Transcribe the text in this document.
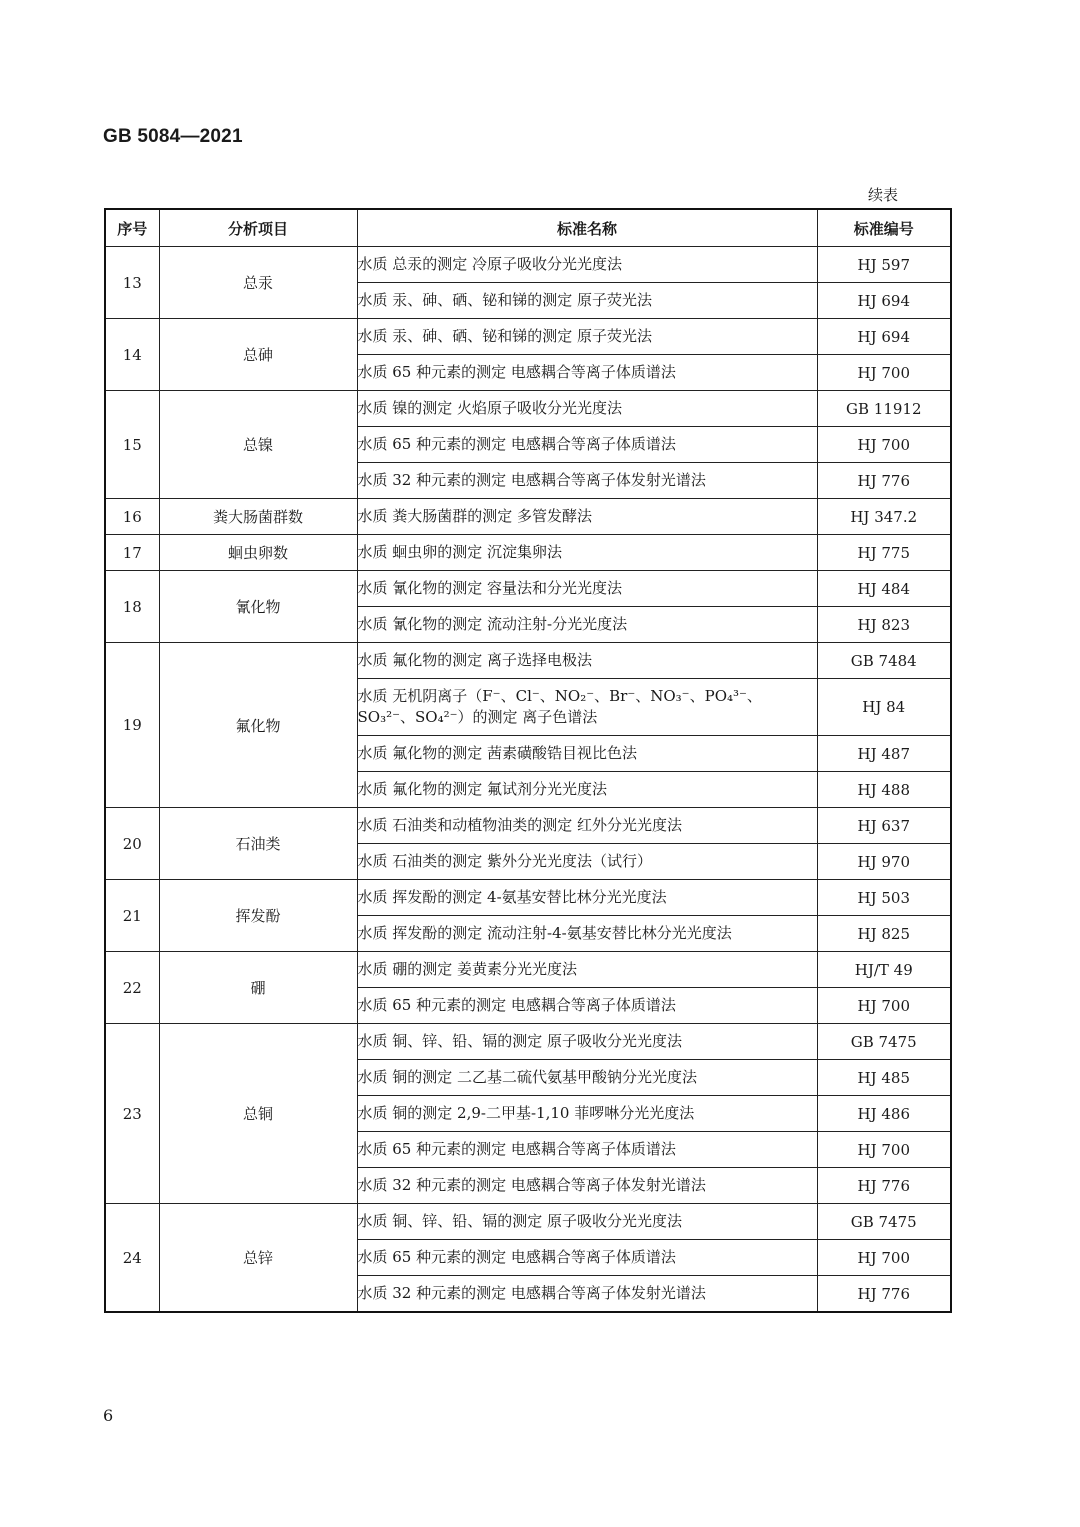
GB 5084—2021
续表
序号	分析项目	标准名称	标准编号
13	总汞	水质 总汞的测定 冷原子吸收分光光度法	HJ 597
		水质 汞、砷、硒、铋和锑的测定 原子荧光法	HJ 694
14	总砷	水质 汞、砷、硒、铋和锑的测定 原子荧光法	HJ 694
		水质 65 种元素的测定 电感耦合等离子体质谱法	HJ 700
15	总镍	水质 镍的测定 火焰原子吸收分光光度法	GB 11912
		水质 65 种元素的测定 电感耦合等离子体质谱法	HJ 700
		水质 32 种元素的测定 电感耦合等离子体发射光谱法	HJ 776
16	粪大肠菌群数	水质 粪大肠菌群的测定 多管发酵法	HJ 347.2
17	蛔虫卵数	水质 蛔虫卵的测定 沉淀集卵法	HJ 775
18	氰化物	水质 氰化物的测定 容量法和分光光度法	HJ 484
		水质 氰化物的测定 流动注射-分光光度法	HJ 823
19	氟化物	水质 氟化物的测定 离子选择电极法	GB 7484
		水质 无机阴离子（F⁻、Cl⁻、NO₂⁻、Br⁻、NO₃⁻、PO₄³⁻、SO₃²⁻、SO₄²⁻）的测定 离子色谱法	HJ 84
		水质 氟化物的测定 茜素磺酸锆目视比色法	HJ 487
		水质 氟化物的测定 氟试剂分光光度法	HJ 488
20	石油类	水质 石油类和动植物油类的测定 红外分光光度法	HJ 637
		水质 石油类的测定 紫外分光光度法（试行）	HJ 970
21	挥发酚	水质 挥发酚的测定 4-氨基安替比林分光光度法	HJ 503
		水质 挥发酚的测定 流动注射-4-氨基安替比林分光光度法	HJ 825
22	硼	水质 硼的测定 姜黄素分光光度法	HJ/T 49
		水质 65 种元素的测定 电感耦合等离子体质谱法	HJ 700
23	总铜	水质 铜、锌、铅、镉的测定 原子吸收分光光度法	GB 7475
		水质 铜的测定 二乙基二硫代氨基甲酸钠分光光度法	HJ 485
		水质 铜的测定 2,9-二甲基-1,10 菲啰啉分光光度法	HJ 486
		水质 65 种元素的测定 电感耦合等离子体质谱法	HJ 700
		水质 32 种元素的测定 电感耦合等离子体发射光谱法	HJ 776
24	总锌	水质 铜、锌、铅、镉的测定 原子吸收分光光度法	GB 7475
		水质 65 种元素的测定 电感耦合等离子体质谱法	HJ 700
		水质 32 种元素的测定 电感耦合等离子体发射光谱法	HJ 776
6
